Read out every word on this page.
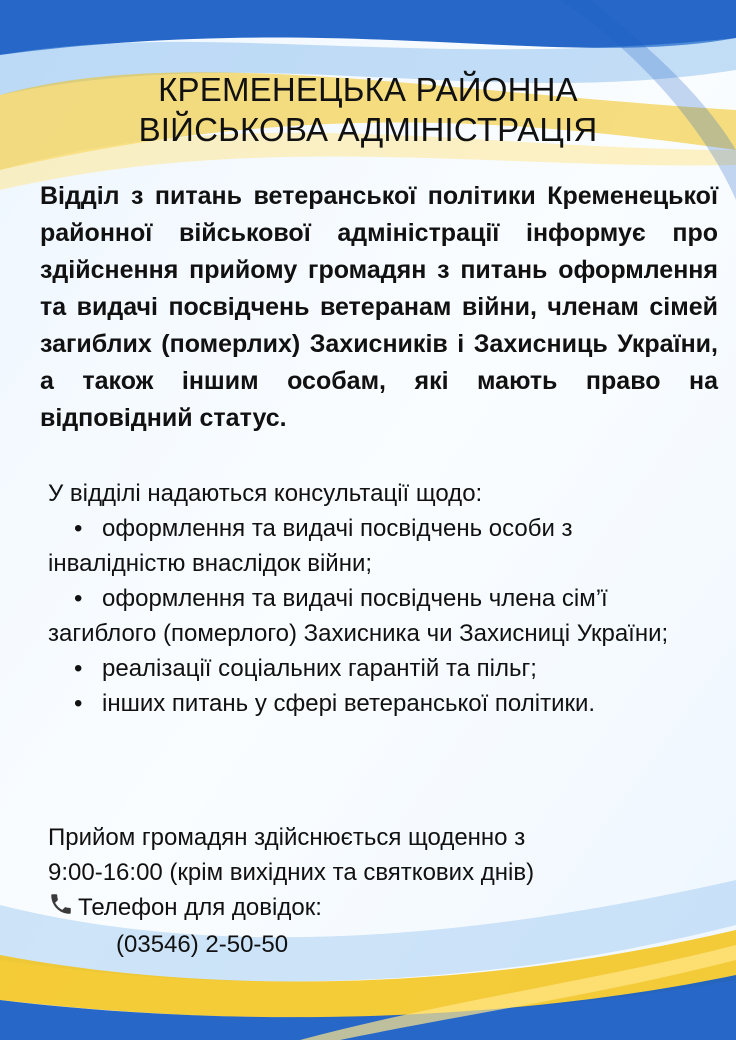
КРЕМЕНЕЦЬКА РАЙОННА
ВІЙСЬКОВА АДМІНІСТРАЦІЯ
Відділ з питань ветеранської політики Кременецької районної військової адміністрації інформує про здійснення прийому громадян з питань оформлення та видачі посвідчень ветеранам війни, членам сімей загиблих (померлих) Захисників і Захисниць України, а також іншим особам, які мають право на відповідний статус.
У відділі надаються консультації щодо:
• оформлення та видачі посвідчень особи з інвалідністю внаслідок війни;
• оформлення та видачі посвідчень члена сім’ї загиблого (померлого) Захисника чи Захисниці України;
• реалізації соціальних гарантій та пільг;
• інших питань у сфері ветеранської політики.
Прийом громадян здійснюється щоденно з
9:00-16:00 (крім вихідних та святкових днів)
Телефон для довідок:
(03546) 2-50-50
